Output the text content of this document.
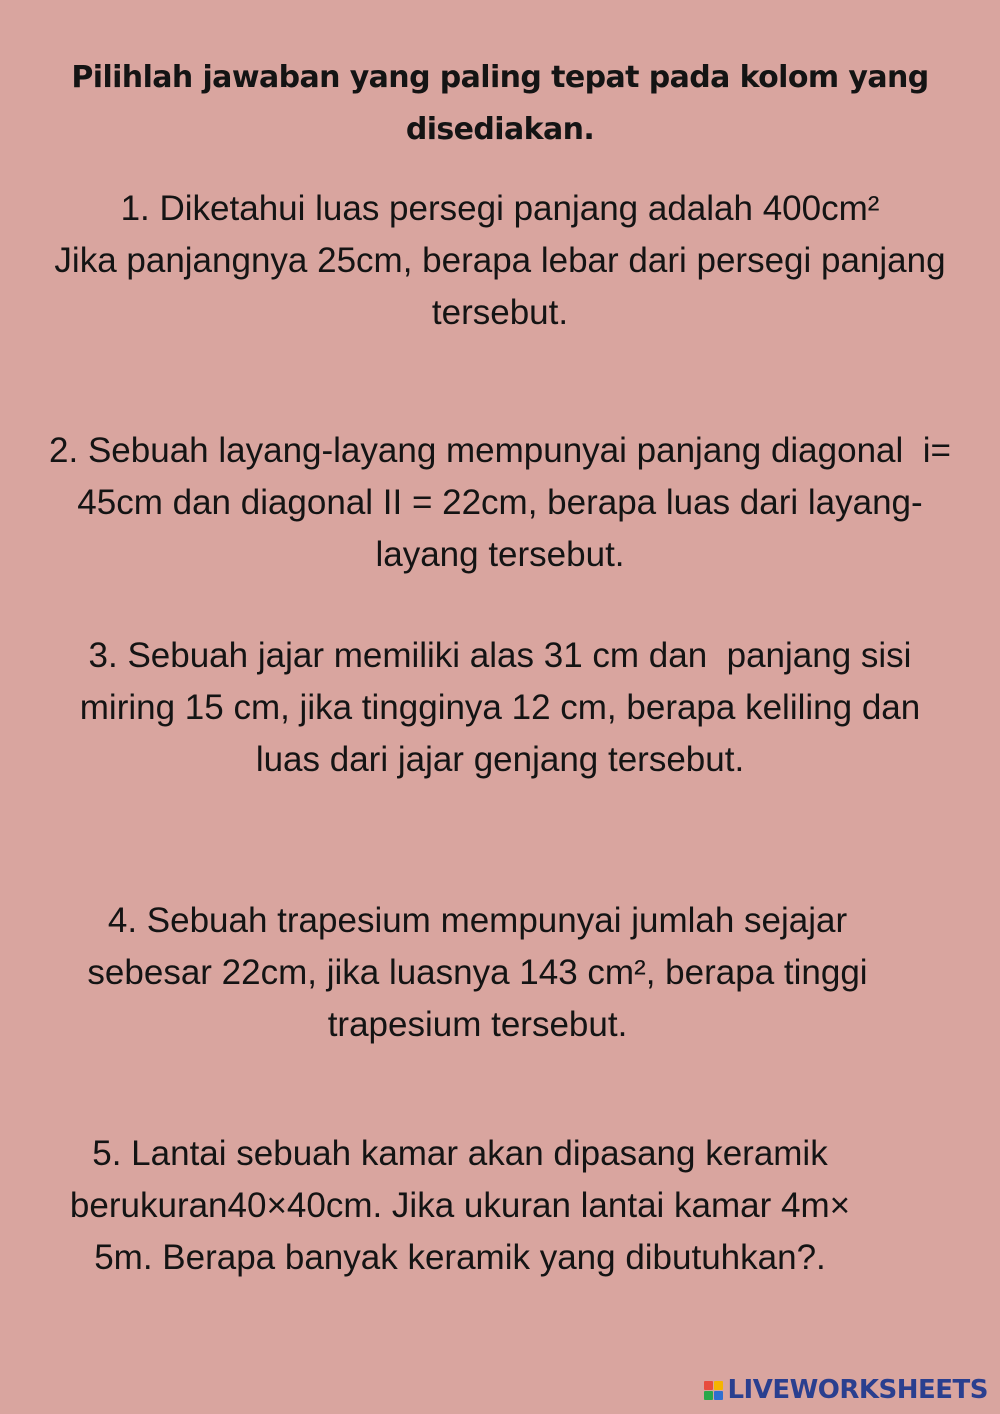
Pilihlah jawaban yang paling tepat pada kolom yang
disediakan.

1. Diketahui luas persegi panjang adalah 400cm²
Jika panjangnya 25cm, berapa lebar dari persegi panjang
tersebut.

2. Sebuah layang-layang mempunyai panjang diagonal  i=
45cm dan diagonal II = 22cm, berapa luas dari layang-
layang tersebut.

3. Sebuah jajar memiliki alas 31 cm dan  panjang sisi
miring 15 cm, jika tingginya 12 cm, berapa keliling dan
luas dari jajar genjang tersebut.

4. Sebuah trapesium mempunyai jumlah sejajar
sebesar 22cm, jika luasnya 143 cm², berapa tinggi
trapesium tersebut.

5. Lantai sebuah kamar akan dipasang keramik
berukuran40×40cm. Jika ukuran lantai kamar 4m×
5m. Berapa banyak keramik yang dibutuhkan?.

LIVEWORKSHEETS
